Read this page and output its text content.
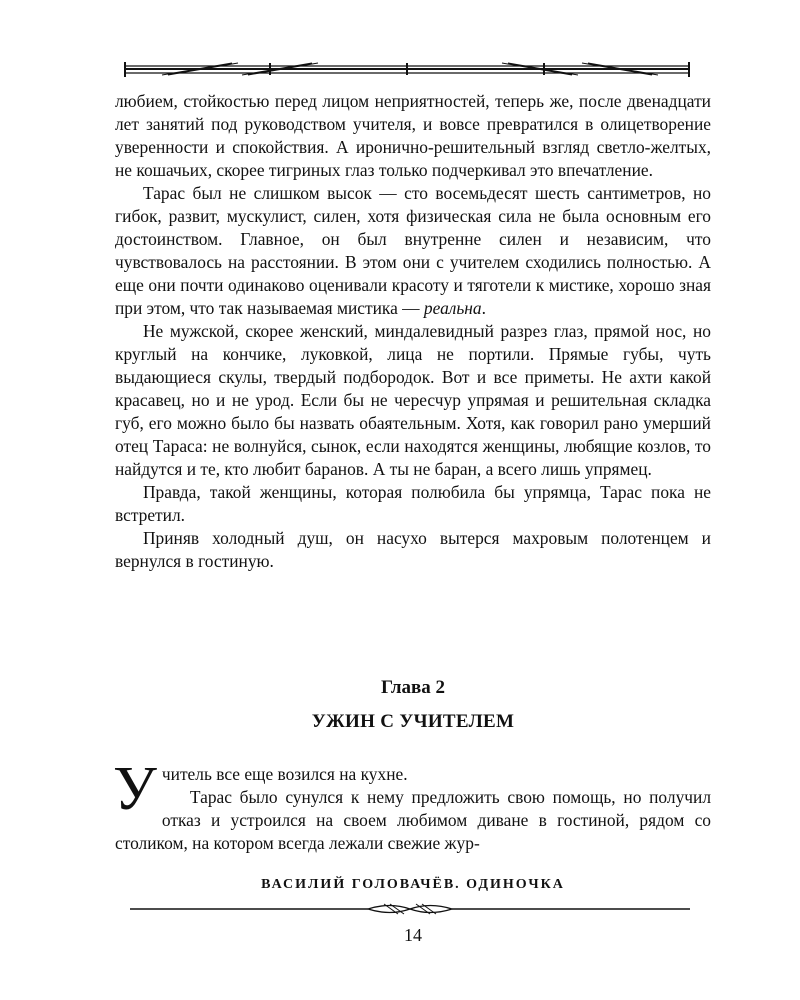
любием, стойкостью перед лицом неприятностей, теперь же, после двенадцати лет занятий под руководством учителя, и вовсе превратился в олицетворение уверенности и спокойствия. А иронично-решительный взгляд светло-желтых, не кошачьих, скорее тигриных глаз только подчеркивал это впечатление.

Тарас был не слишком высок — сто восемьдесят шесть сантиметров, но гибок, развит, мускулист, силен, хотя физическая сила не была основным его достоинством. Главное, он был внутренне силен и независим, что чувствовалось на расстоянии. В этом они с учителем сходились полностью. А еще они почти одинаково оценивали красоту и тяготели к мистике, хорошо зная при этом, что так называемая мистика — реальна.

Не мужской, скорее женский, миндалевидный разрез глаз, прямой нос, но круглый на кончике, луковкой, лица не портили. Прямые губы, чуть выдающиеся скулы, твердый подбородок. Вот и все приметы. Не ахти какой красавец, но и не урод. Если бы не чересчур упрямая и решительная складка губ, его можно было бы назвать обаятельным. Хотя, как говорил рано умерший отец Тараса: не волнуйся, сынок, если находятся женщины, любящие козлов, то найдутся и те, кто любит баранов. А ты не баран, а всего лишь упрямец.

Правда, такой женщины, которая полюбила бы упрямца, Тарас пока не встретил.

Приняв холодный душ, он насухо вытерся махровым полотенцем и вернулся в гостиную.

Глава 2
УЖИН С УЧИТЕЛЕМ

Учитель все еще возился на кухне.

Тарас было сунулся к нему предложить свою помощь, но получил отказ и устроился на своем любимом диване в гостиной, рядом со столиком, на котором всегда лежали свежие жур-

ВАСИЛИЙ ГОЛОВАЧЁВ. ОДИНОЧКА
14
